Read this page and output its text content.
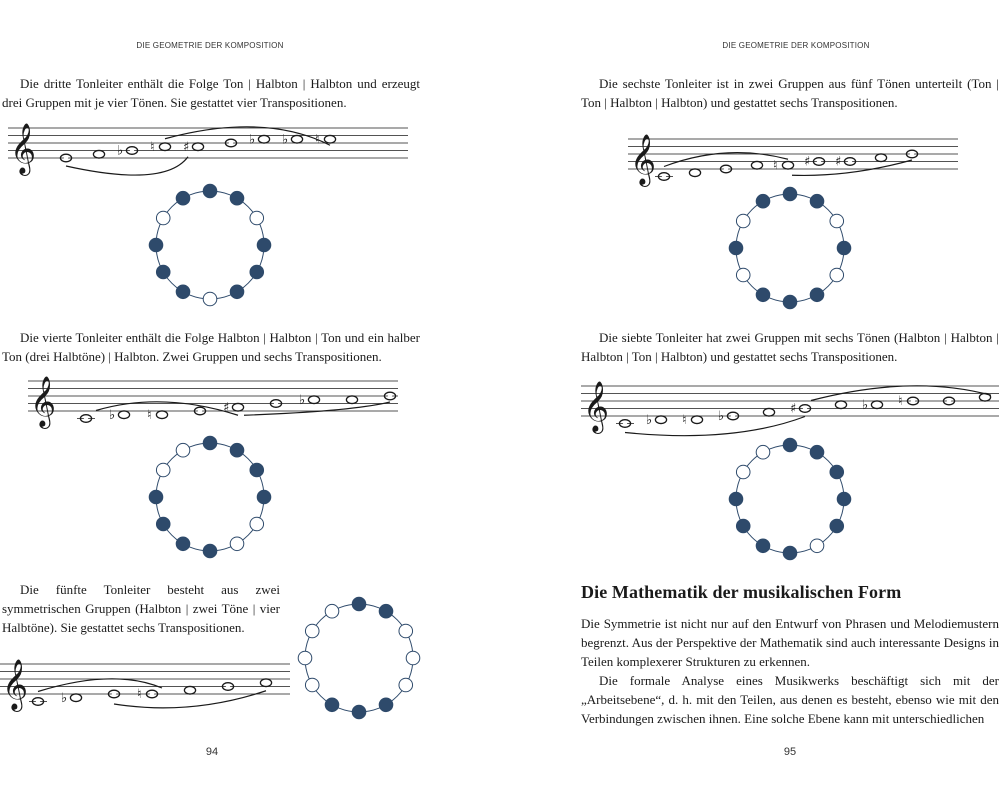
DIE GEOMETRIE DER KOMPOSITION

Die dritte Tonleiter enthält die Folge Ton | Halbton | Halbton und erzeugt drei Gruppen mit je vier Tönen. Sie gestattet vier Transpositionen.

𝄞	♭ ♮ ♯	♭ ♭ ♮

Die vierte Tonleiter enthält die Folge Halbton | Halbton | Ton und ein halber Ton (drei Halbtöne) | Halbton. Zwei Gruppen und sechs Transpositionen.

𝄞	♭ ♮	♯	♭

Die fünfte Tonleiter besteht aus zwei symmetrischen Gruppen (Halbton | zwei Töne | vier Halbtöne). Sie gestattet sechs Transpositionen.

𝄞	♭	♮
94
DIE GEOMETRIE DER KOMPOSITION

Die sechste Tonleiter ist in zwei Gruppen aus fünf Tönen unterteilt (Ton | Ton | Halbton | Halbton) und gestattet sechs Transpositionen.

𝄞	♮ ♯ ♯

Die siebte Tonleiter hat zwei Gruppen mit sechs Tönen (Halbton | Halbton | Halbton | Ton | Halbton) und gestattet sechs Transpositionen.

𝄞	♭ ♮ ♭	♯	♭ ♮
Die Mathematik der musikalischen Form

Die Symmetrie ist nicht nur auf den Entwurf von Phrasen und Melodiemustern begrenzt. Aus der Perspektive der Mathematik sind auch interessante Designs in Teilen komplexerer Strukturen zu erkennen.

Die formale Analyse eines Musikwerks beschäftigt sich mit der „Arbeitsebene“, d. h. mit den Teilen, aus denen es besteht, ebenso wie mit den Verbindungen zwischen ihnen. Eine solche Ebene kann mit unterschiedlichen

95
